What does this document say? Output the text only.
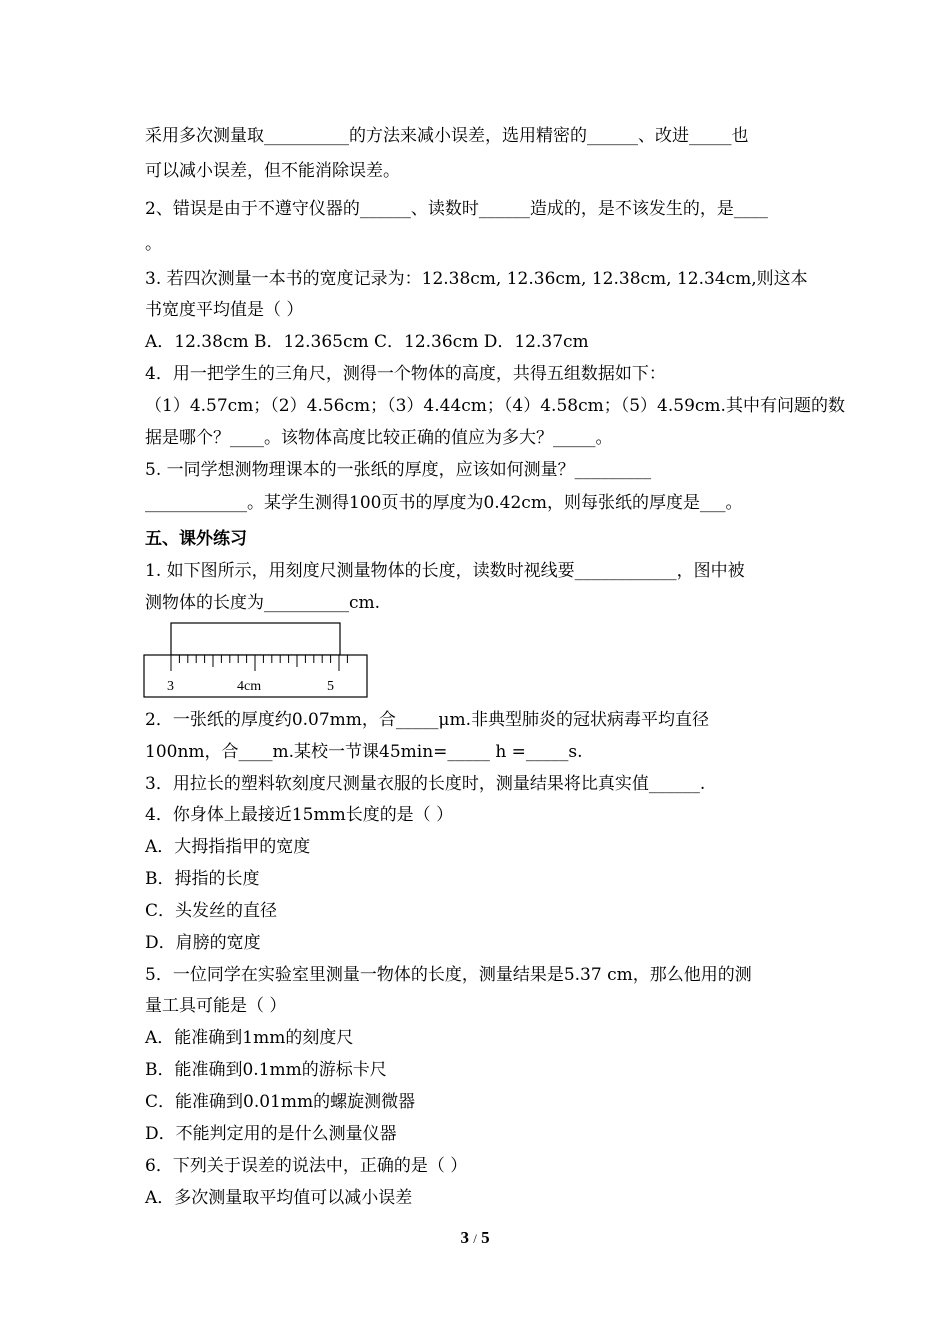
采用多次测量取__________的方法来减小误差，选用精密的______、改进_____也
可以减小误差，但不能消除误差。
2、错误是由于不遵守仪器的______、读数时______造成的，是不该发生的，是____
。
3. 若四次测量一本书的宽度记录为：12.38cm, 12.36cm, 12.38cm, 12.34cm,则这本
书宽度平均值是（ ）
A．12.38cm B．12.365cm C．12.36cm D．12.37cm
4．用一把学生的三角尺，测得一个物体的高度，共得五组数据如下：
（1）4.57cm；（2）4.56cm；（3）4.44cm；（4）4.58cm；（5）4.59cm.其中有问题的数
据是哪个？____。该物体高度比较正确的值应为多大？_____。
5. 一同学想测物理课本的一张纸的厚度，应该如何测量？_________
____________。某学生测得100页书的厚度为0.42cm，则每张纸的厚度是___。
五、课外练习
1. 如下图所示，用刻度尺测量物体的长度，读数时视线要____________，图中被
测物体的长度为__________cm.
3	4cm	5
2．一张纸的厚度约0.07mm，合_____μm.非典型肺炎的冠状病毒平均直径
100nm，合____m.某校一节课45min=_____ h =_____s.
3．用拉长的塑料软刻度尺测量衣服的长度时，测量结果将比真实值______.
4．你身体上最接近15mm长度的是（ ）
A．大拇指指甲的宽度
B．拇指的长度
C．头发丝的直径
D．肩膀的宽度
5．一位同学在实验室里测量一物体的长度，测量结果是5.37 cm，那么他用的测
量工具可能是（ ）
A．能准确到1mm的刻度尺
B．能准确到0.1mm的游标卡尺
C．能准确到0.01mm的螺旋测微器
D．不能判定用的是什么测量仪器
6．下列关于误差的说法中，正确的是（ ）
A．多次测量取平均值可以减小误差
3 / 5
